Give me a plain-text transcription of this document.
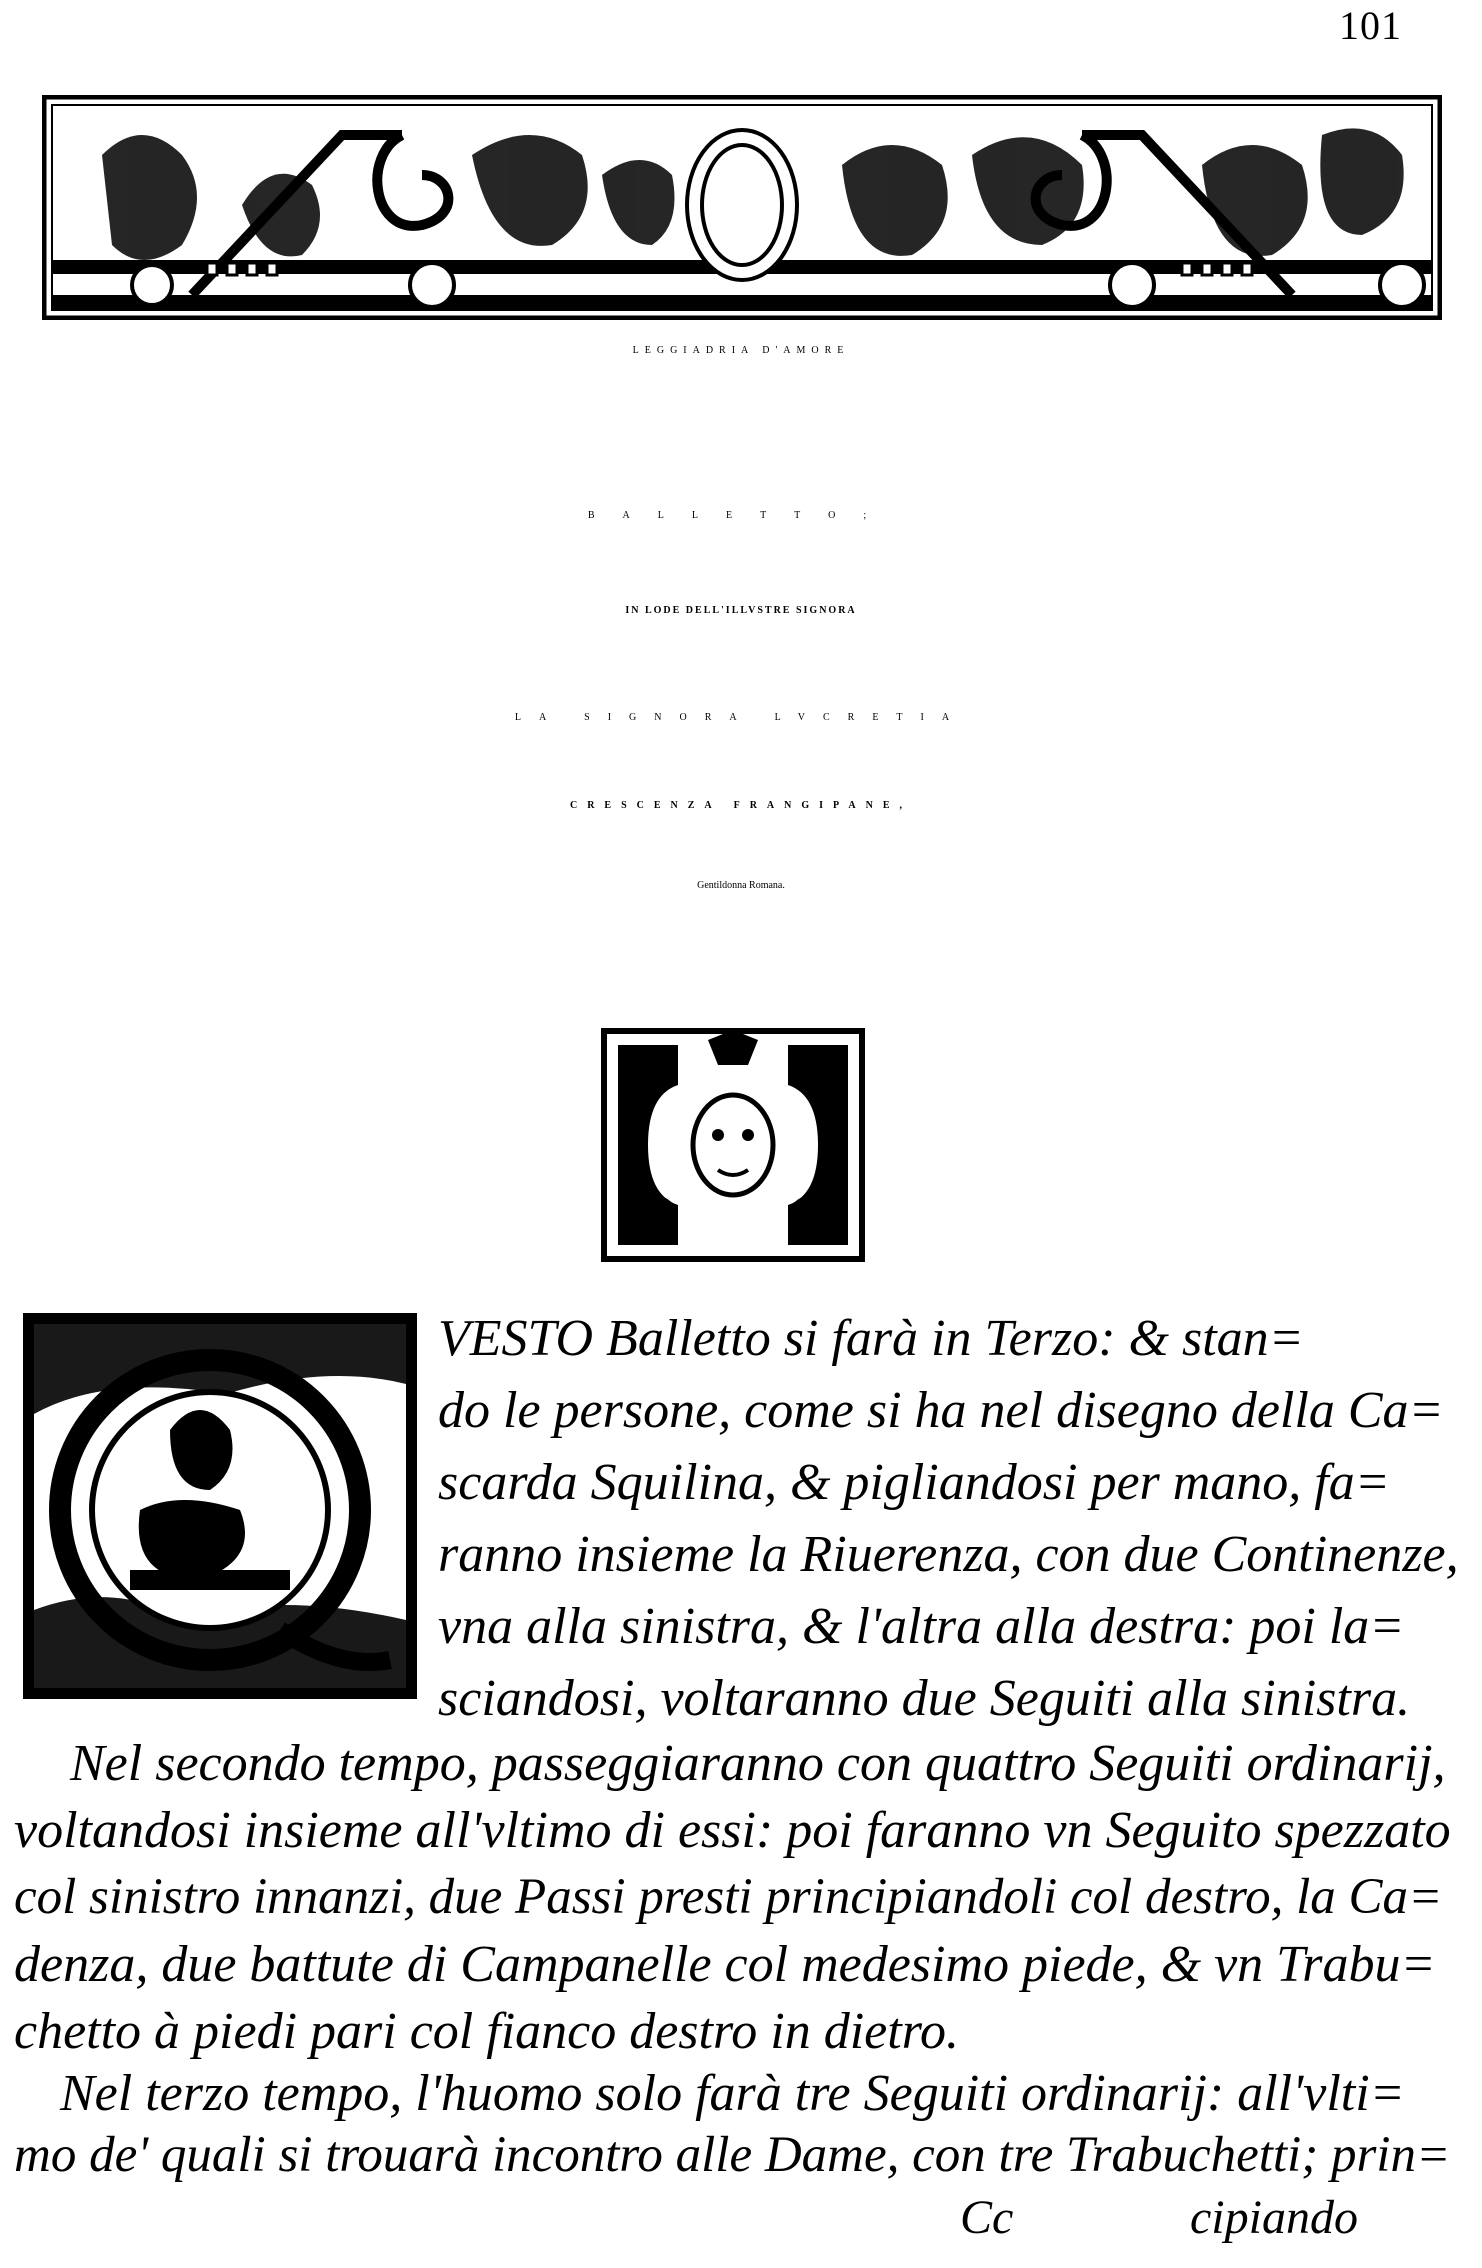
101
LEGGIADRIA D'AMORE
BALLETTO;
IN LODE DELL'ILLVSTRE SIGNORA
LA SIGNORA LVCRETIA
CRESCENZA FRANGIPANE,
Gentildonna Romana.
VESTO Balletto si farà in Terzo: & stan=
do le persone, come si ha nel disegno della Ca=
scarda Squilina, & pigliandosi per mano, fa=
ranno insieme la Riuerenza, con due Continenze,
vna alla sinistra, & l'altra alla destra: poi la=
sciandosi, voltaranno due Seguiti alla sinistra.
Nel secondo tempo, passeggiaranno con quattro Seguiti ordinarij,
voltandosi insieme all'vltimo di essi: poi faranno vn Seguito spezzato
col sinistro innanzi, due Passi presti principiandoli col destro, la Ca=
denza, due battute di Campanelle col medesimo piede, & vn Trabu=
chetto à piedi pari col fianco destro in dietro.
Nel terzo tempo, l'huomo solo farà tre Seguiti ordinarij: all'vlti=
mo de' quali si trouarà incontro alle Dame, con tre Trabuchetti; prin=
Cc	cipiando
